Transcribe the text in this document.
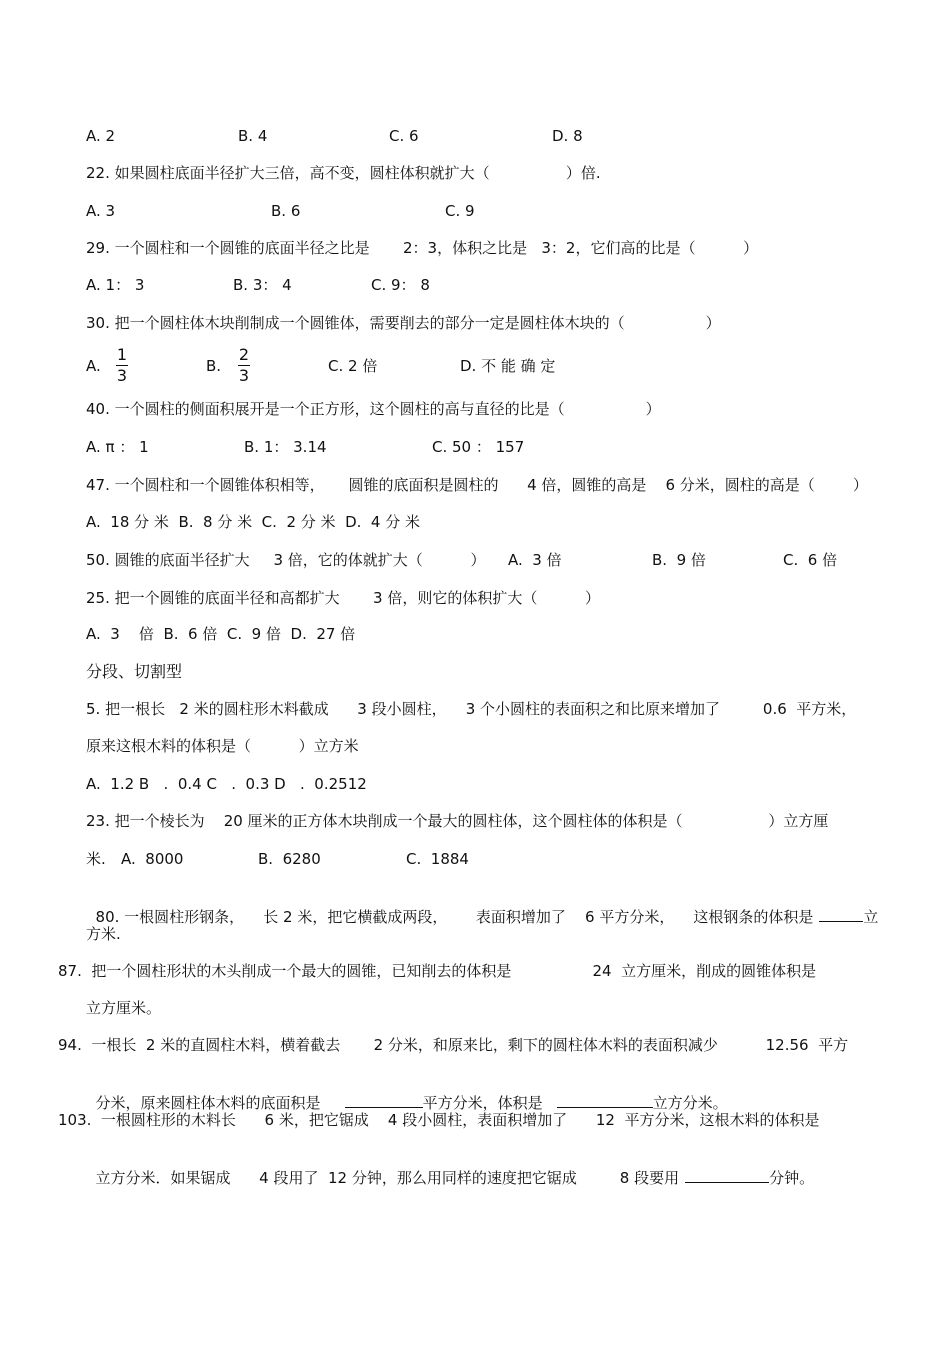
A. 2	B. 4	C. 6	D. 8
22. 如果圆柱底面半径扩大三倍，高不变，圆柱体积就扩大（                ）倍.
A. 3	B. 6	C. 9
29. 一个圆柱和一个圆锥的底面半径之比是       2：3，体积之比是   3：2，它们高的比是（          ）
A. 1： 3	B. 3： 4	C. 9： 8
30. 把一个圆柱体木块削制成一个圆锥体，需要削去的部分一定是圆柱体木块的（                 ）
A.
1
3	B.
2
3	C. 2 倍	D. 不 能 确 定
40. 一个圆柱的侧面积展开是一个正方形，这个圆柱的高与直径的比是（                 ）
A. π ： 1	B. 1： 3.14	C. 50 ： 157
47. 一个圆柱和一个圆锥体积相等，     圆锥的底面积是圆柱的      4 倍，圆锥的高是    6 分米，圆柱的高是（        ）
A.  18 分 米  B.  8 分 米  C.  2 分 米  D.  4 分 米
50. 圆锥的底面半径扩大     3 倍，它的体就扩大（          ） A.  3 倍	B.  9 倍	C.  6 倍
25. 把一个圆锥的底面半径和高都扩大       3 倍，则它的体积扩大（          ）
A.  3    倍  B.  6 倍  C.  9 倍  D.  27 倍
分段、切割型
5. 把一根长   2 米的圆柱形木料截成      3 段小圆柱，    3 个小圆柱的表面积之和比原来增加了         0.6  平方米，
原来这根木料的体积是（          ）立方米
A.  1.2 B   .  0.4 C   .  0.3 D   .  0.2512
23. 把一个棱长为    20 厘米的正方体木块削成一个最大的圆柱体，这个圆柱体的体积是（                  ）立方厘
米. A.  8000	B.  6280	C.  1884

80. 一根圆柱形钢条，    长 2 米，把它横截成两段，      表面积增加了    6 平方分米，    这根钢条的体积是	立

方米.
87.  把一个圆柱形状的木头削成一个最大的圆锥，已知削去的体积是                 24  立方厘米，削成的圆锥体积是
立方厘米。
94.  一根长  2 米的直圆柱木料，横着截去       2 分米，和原来比，剩下的圆柱体木料的表面积减少          12.56  平方

分米，原来圆柱体木料的底面积是	平方分米，体积是	立方分米。

103.  一根圆柱形的木料长      6 米，把它锯成    4 段小圆柱，表面积增加了      12  平方分米，这根木料的体积是

立方分米．如果锯成      4 段用了  12 分钟，那么用同样的速度把它锯成         8 段要用	分钟。
